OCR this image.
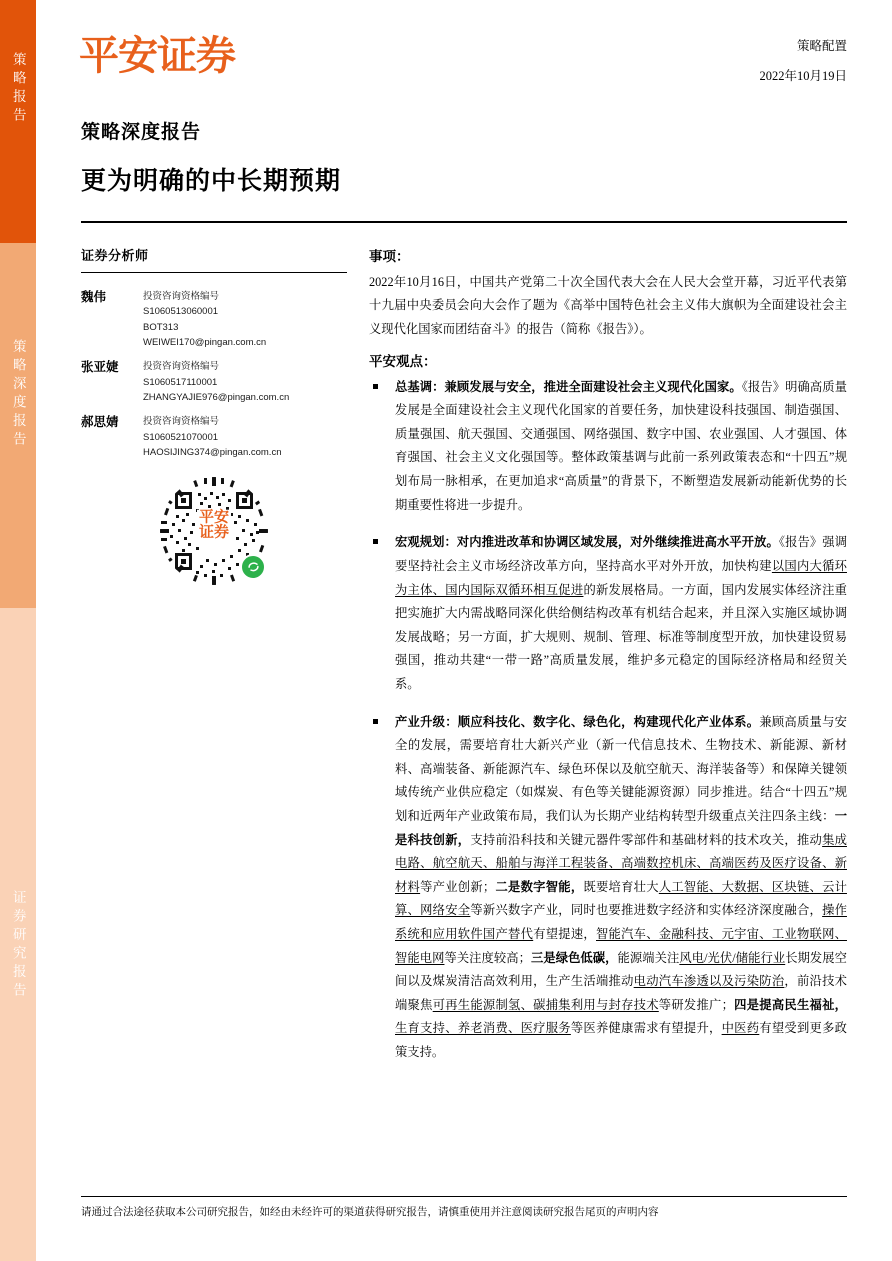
策略报告
策略深度报告
证券研究报告
平安证券	策略配置
2022年10月19日
策略深度报告
更为明确的中长期预期
证券分析师
魏伟	投资咨询资格编号
S1060513060001
BOT313
WEIWEI170@pingan.com.cn
张亚婕	投资咨询资格编号
S1060517110001
ZHANGYAJIE976@pingan.com.cn
郝思婧	投资咨询资格编号
S1060521070001
HAOSIJING374@pingan.com.cn
平安
证券
事项：
2022年10月16日，中国共产党第二十次全国代表大会在人民大会堂开幕，习近平代表第十九届中央委员会向大会作了题为《高举中国特色社会主义伟大旗帜为全面建设社会主义现代化国家而团结奋斗》的报告（简称《报告》）。
平安观点：
总基调：兼顾发展与安全，推进全面建设社会主义现代化国家。《报告》明确高质量发展是全面建设社会主义现代化国家的首要任务，加快建设科技强国、制造强国、质量强国、航天强国、交通强国、网络强国、数字中国、农业强国、人才强国、体育强国、社会主义文化强国等。整体政策基调与此前一系列政策表态和“十四五”规划布局一脉相承，在更加追求“高质量”的背景下，不断塑造发展新动能新优势的长期重要性将进一步提升。
宏观规划：对内推进改革和协调区域发展，对外继续推进高水平开放。《报告》强调要坚持社会主义市场经济改革方向，坚持高水平对外开放，加快构建以国内大循环为主体、国内国际双循环相互促进的新发展格局。一方面，国内发展实体经济注重把实施扩大内需战略同深化供给侧结构改革有机结合起来，并且深入实施区域协调发展战略；另一方面，扩大规则、规制、管理、标准等制度型开放，加快建设贸易强国，推动共建“一带一路”高质量发展，维护多元稳定的国际经济格局和经贸关系。
产业升级：顺应科技化、数字化、绿色化，构建现代化产业体系。兼顾高质量与安全的发展，需要培育壮大新兴产业（新一代信息技术、生物技术、新能源、新材料、高端装备、新能源汽车、绿色环保以及航空航天、海洋装备等）和保障关键领域传统产业供应稳定（如煤炭、有色等关键能源资源）同步推进。结合“十四五”规划和近两年产业政策布局，我们认为长期产业结构转型升级重点关注四条主线：一是科技创新，支持前沿科技和关键元器件零部件和基础材料的技术攻关，推动集成电路、航空航天、船舶与海洋工程装备、高端数控机床、高端医药及医疗设备、新材料等产业创新；二是数字智能，既要培育壮大人工智能、大数据、区块链、云计算、网络安全等新兴数字产业，同时也要推进数字经济和实体经济深度融合，操作系统和应用软件国产替代有望提速，智能汽车、金融科技、元宇宙、工业物联网、智能电网等关注度较高；三是绿色低碳，能源端关注风电/光伏/储能行业长期发展空间以及煤炭清洁高效利用，生产生活端推动电动汽车渗透以及污染防治，前沿技术端聚焦可再生能源制氢、碳捕集利用与封存技术等研发推广；四是提高民生福祉，生育支持、养老消费、医疗服务等医养健康需求有望提升，中医药有望受到更多政策支持。
请通过合法途径获取本公司研究报告，如经由未经许可的渠道获得研究报告，请慎重使用并注意阅读研究报告尾页的声明内容
